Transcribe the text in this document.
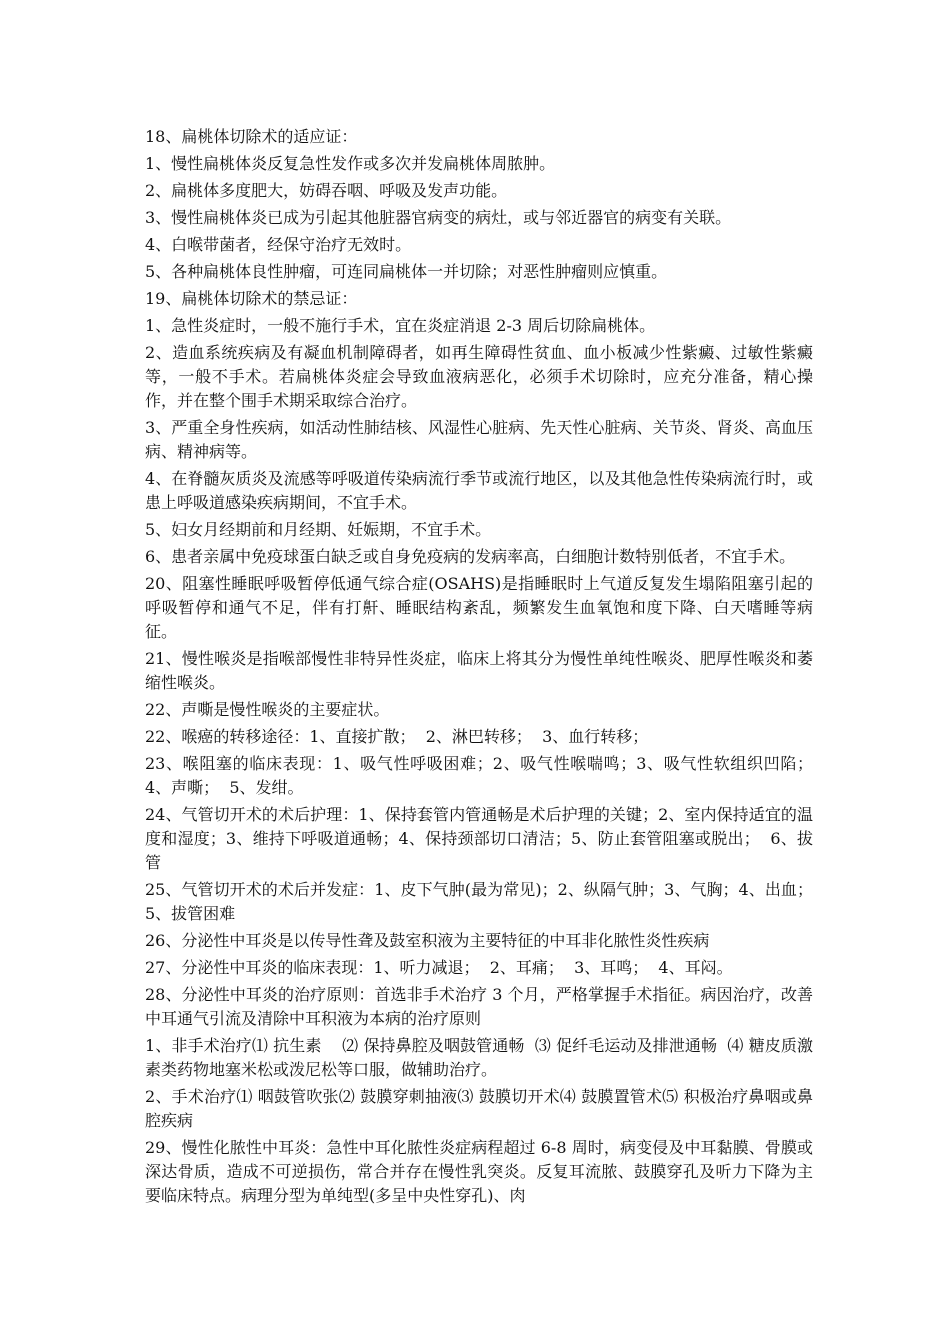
18、扁桃体切除术的适应证：

1、慢性扁桃体炎反复急性发作或多次并发扁桃体周脓肿。

2、扁桃体多度肥大，妨碍吞咽、呼吸及发声功能。

3、慢性扁桃体炎已成为引起其他脏器官病变的病灶，或与邻近器官的病变有关联。

4、白喉带菌者，经保守治疗无效时。

5、各种扁桃体良性肿瘤，可连同扁桃体一并切除；对恶性肿瘤则应慎重。

19、扁桃体切除术的禁忌证：

1、急性炎症时，一般不施行手术，宜在炎症消退 2-3 周后切除扁桃体。

2、造血系统疾病及有凝血机制障碍者，如再生障碍性贫血、血小板减少性紫癜、过敏性紫癜等，一般不手术。若扁桃体炎症会导致血液病恶化，必须手术切除时，应充分准备，精心操作，并在整个围手术期采取综合治疗。

3、严重全身性疾病，如活动性肺结核、风湿性心脏病、先天性心脏病、关节炎、肾炎、高血压病、精神病等。

4、在脊髓灰质炎及流感等呼吸道传染病流行季节或流行地区，以及其他急性传染病流行时，或患上呼吸道感染疾病期间，不宜手术。

5、妇女月经期前和月经期、妊娠期，不宜手术。

6、患者亲属中免疫球蛋白缺乏或自身免疫病的发病率高，白细胞计数特别低者，不宜手术。

20、阻塞性睡眠呼吸暂停低通气综合症(OSAHS)是指睡眠时上气道反复发生塌陷阻塞引起的呼吸暂停和通气不足，伴有打鼾、睡眠结构紊乱，频繁发生血氧饱和度下降、白天嗜睡等病征。

21、慢性喉炎是指喉部慢性非特异性炎症，临床上将其分为慢性单纯性喉炎、肥厚性喉炎和萎缩性喉炎。

22、声嘶是慢性喉炎的主要症状。

22、喉癌的转移途径：1、直接扩散；  2、淋巴转移；  3、血行转移；

23、喉阻塞的临床表现：1、吸气性呼吸困难；2、吸气性喉喘鸣；3、吸气性软组织凹陷；  4、声嘶；  5、发绀。

24、气管切开术的术后护理：1、保持套管内管通畅是术后护理的关键；2、室内保持适宜的温度和湿度；3、维持下呼吸道通畅；4、保持颈部切口清洁；5、防止套管阻塞或脱出；  6、拔管

25、气管切开术的术后并发症：1、皮下气肿(最为常见)；2、纵隔气肿；3、气胸；4、出血；  5、拔管困难

26、分泌性中耳炎是以传导性聋及鼓室积液为主要特征的中耳非化脓性炎性疾病

27、分泌性中耳炎的临床表现：1、听力减退；  2、耳痛；  3、耳鸣；  4、耳闷。

28、分泌性中耳炎的治疗原则：首选非手术治疗 3 个月，严格掌握手术指征。病因治疗，改善中耳通气引流及清除中耳积液为本病的治疗原则

1、非手术治疗⑴ 抗生素    ⑵ 保持鼻腔及咽鼓管通畅  ⑶ 促纤毛运动及排泄通畅  ⑷ 糖皮质激素类药物地塞米松或泼尼松等口服，做辅助治疗。

2、手术治疗⑴ 咽鼓管吹张⑵ 鼓膜穿刺抽液⑶ 鼓膜切开术⑷ 鼓膜置管术⑸ 积极治疗鼻咽或鼻腔疾病

29、慢性化脓性中耳炎：急性中耳化脓性炎症病程超过 6-8 周时，病变侵及中耳黏膜、骨膜或深达骨质，造成不可逆损伤，常合并存在慢性乳突炎。反复耳流脓、鼓膜穿孔及听力下降为主要临床特点。病理分型为单纯型(多呈中央性穿孔)、肉
